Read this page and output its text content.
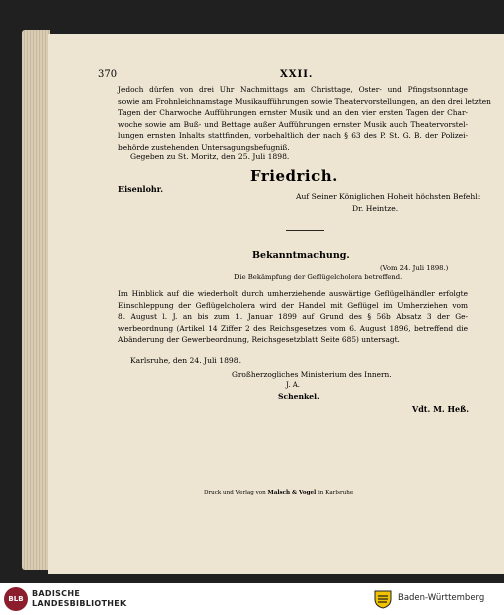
370	XXII.
Jedoch dürfen von drei Uhr Nachmittags am Christtage, Oster- und Pfingstsonntage
sowie am Frohnleichnamstage Musikaufführungen sowie Theatervorstellungen, an den drei letzten
Tagen der Charwoche Aufführungen ernster Musik und an den vier ersten Tagen der Char-
woche sowie am Buß- und Bettage außer Aufführungen ernster Musik auch Theatervorstel-
lungen ernsten Inhalts stattfinden, vorbehaltlich der nach § 63 des P. St. G. B. der Polizei-
behörde zustehenden Untersagungsbefugniß.
Gegeben zu St. Moritz, den 25. Juli 1898.
Friedrich.
Eisenlohr.
Auf Seiner Königlichen Hoheit höchsten Befehl:
Dr. Heintze.
Bekanntmachung.
(Vom 24. Juli 1898.)
Die Bekämpfung der Geflügelcholera betreffend.
Im Hinblick auf die wiederholt durch umherziehende auswärtige Geflügelhändler erfolgte
Einschleppung der Geflügelcholera wird der Handel mit Geflügel im Umherziehen vom
8. August l. J. an bis zum 1. Januar 1899 auf Grund des § 56b Absatz 3 der Ge-
werbeordnung (Artikel 14 Ziffer 2 des Reichsgesetzes vom 6. August 1896, betreffend die
Abänderung der Gewerbeordnung, Reichsgesetzblatt Seite 685) untersagt.
Karlsruhe, den 24. Juli 1898.
Großherzogliches Ministerium des Innern.
J. A.
Schenkel.
Vdt. M. Heß.
Druck und Verlag von Malsch & Vogel in Karlsruhe
BLB
BADISCHE
LANDESBIBLIOTHEK
Baden-Württemberg
